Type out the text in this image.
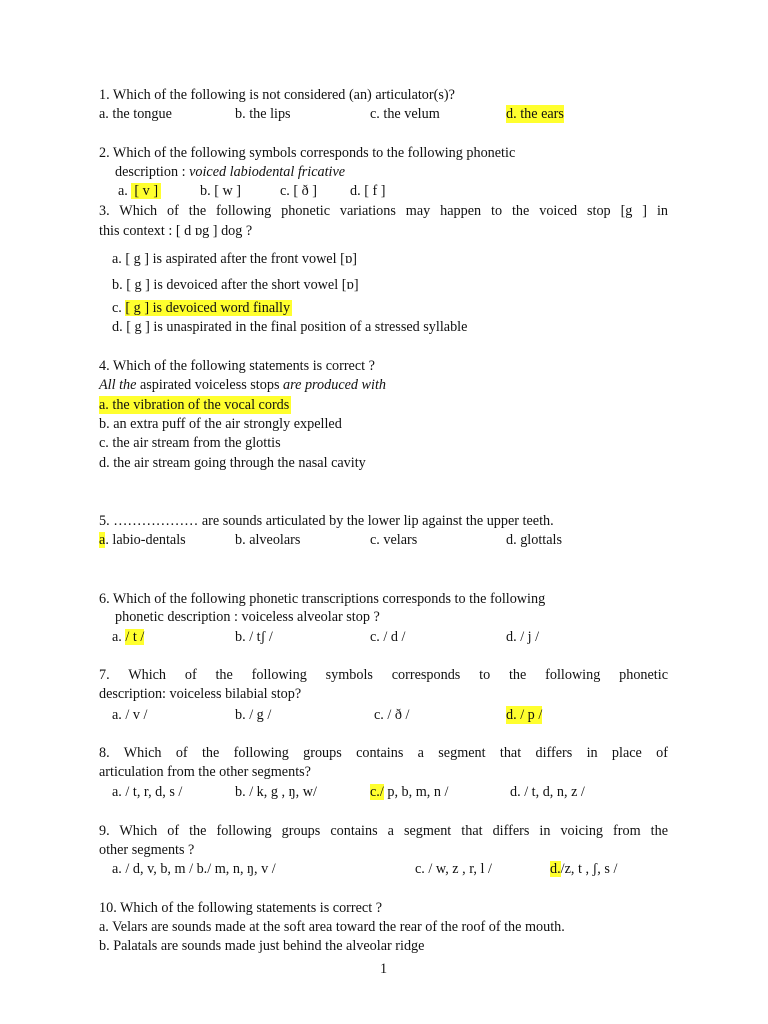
1. Which of the following is not considered (an) articulator(s)?
a. the tongue	b. the lips	c. the velum	d. the ears
2. Which of the following symbols corresponds to the following phonetic
description : voiced labiodental fricative
a. [ v ]	b. [ w ]	c. [ ð ] d. [ f ]
3. Which of the following phonetic variations may happen to the voiced stop [g ] in
this context : [ d ɒg ] dog ?
a. [ g ] is aspirated after the front vowel [ɒ]
b. [ g ] is devoiced after the short vowel [ɒ]
c. [ g ] is devoiced word finally
d. [ g ] is unaspirated in the final position of a stressed syllable
4. Which of the following statements is correct ?
All the aspirated voiceless stops are produced with
a. the vibration of the vocal cords
b. an extra puff of the air strongly expelled
c. the air stream from the glottis
d. the air stream going through the nasal cavity
5. ……………… are sounds articulated by the lower lip against the upper teeth.
a. labio-dentals	b. alveolars	c. velars	d. glottals
6. Which of the following phonetic transcriptions corresponds to the following
phonetic description : voiceless alveolar stop ?
a. / t /	b. / tʃ /	c. / d /	d. / j /
7. Which of the following symbols corresponds to the following phonetic
description: voiceless bilabial stop?
a. / v /	b. / g /	c. / ð /	d. / p /
8. Which of the following groups contains a segment that differs in place of
articulation from the other segments?
a. / t, r, d, s /	b. / k, g , ŋ, w/	c./ p, b, m, n /	d. / t, d, n, z /
9. Which of the following groups contains a segment that differs in voicing from the
other segments ?
a. / d, v, b, m / b./ m, n, ŋ, v /	c. / w, z , r, l /	d./z, t , ʃ, s /
10. Which of the following statements is correct ?
a. Velars are sounds made at the soft area toward the rear of the roof of the mouth.
b. Palatals are sounds made just behind the alveolar ridge
1
